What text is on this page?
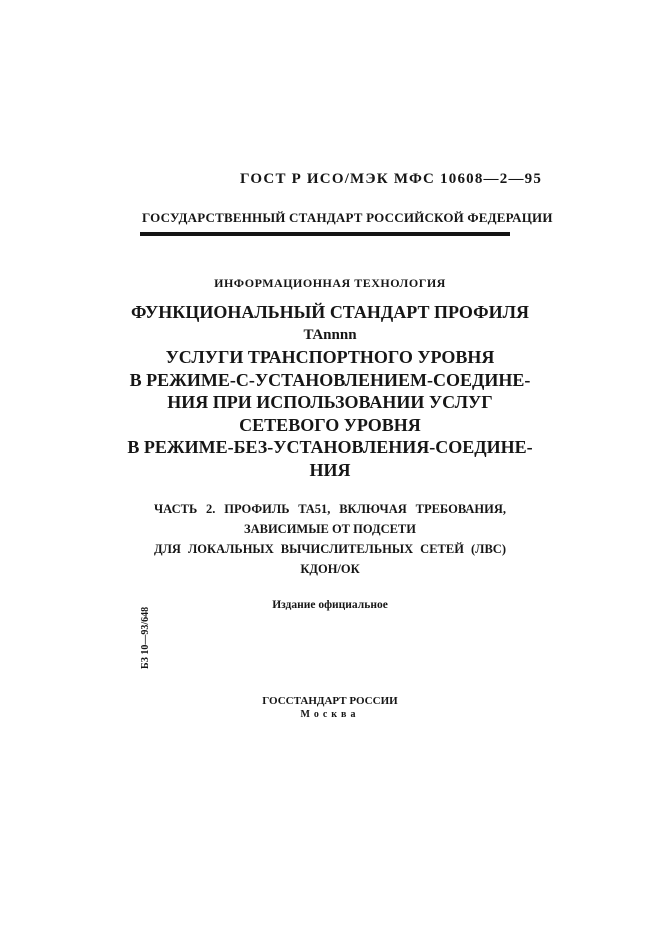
ГОСТ Р ИСО/МЭК МФС 10608—2—95
ГОСУДАРСТВЕННЫЙ СТАНДАРТ РОССИЙСКОЙ ФЕДЕРАЦИИ
ИНФОРМАЦИОННАЯ ТЕХНОЛОГИЯ
ФУНКЦИОНАЛЬНЫЙ СТАНДАРТ ПРОФИЛЯ
TAnnnn
УСЛУГИ ТРАНСПОРТНОГО УРОВНЯ
В РЕЖИМЕ-С-УСТАНОВЛЕНИЕМ-СОЕДИНЕ-
НИЯ ПРИ ИСПОЛЬЗОВАНИИ УСЛУГ
СЕТЕВОГО УРОВНЯ
В РЕЖИМЕ-БЕЗ-УСТАНОВЛЕНИЯ-СОЕДИНЕ-
НИЯ
ЧАСТЬ 2. ПРОФИЛЬ TA51, ВКЛЮЧАЯ ТРЕБОВАНИЯ,
ЗАВИСИМЫЕ ОТ ПОДСЕТИ
ДЛЯ ЛОКАЛЬНЫХ ВЫЧИСЛИТЕЛЬНЫХ СЕТЕЙ (ЛВС)
КДОН/ОК
Издание официальное
БЗ 10—93/648
ГОССТАНДАРТ РОССИИ
Москва
